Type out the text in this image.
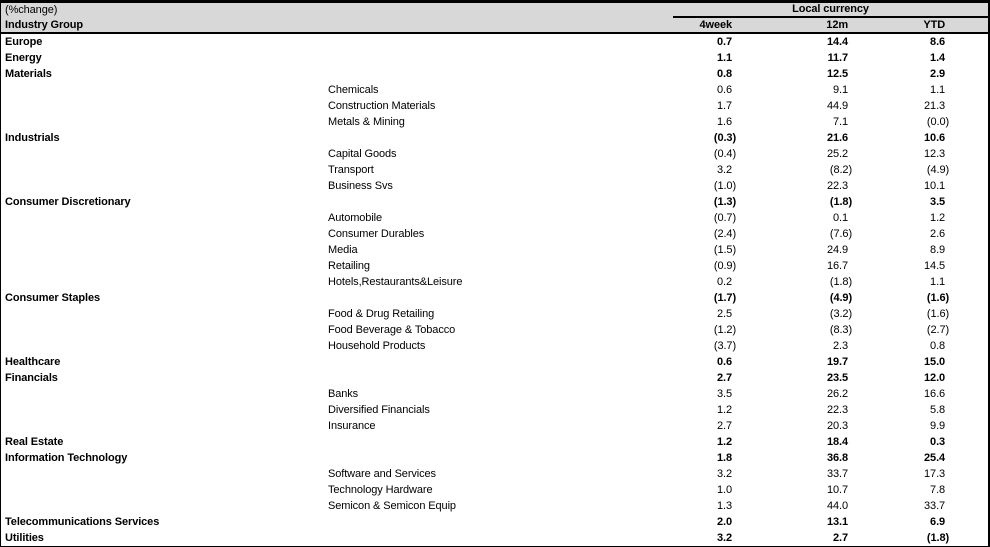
(%change)		Local currency		
Industry Group		4week	12m	YTD
Europe		0.7	14.4	8.6
Energy		1.1	11.7	1.4
Materials		0.8	12.5	2.9
	Chemicals	0.6	9.1	1.1
	Construction Materials	1.7	44.9	21.3
	Metals & Mining	1.6	7.1	(0.0)
Industrials		(0.3)	21.6	10.6
	Capital Goods	(0.4)	25.2	12.3
	Transport	3.2	(8.2)	(4.9)
	Business Svs	(1.0)	22.3	10.1
Consumer Discretionary		(1.3)	(1.8)	3.5
	Automobile	(0.7)	0.1	1.2
	Consumer Durables	(2.4)	(7.6)	2.6
	Media	(1.5)	24.9	8.9
	Retailing	(0.9)	16.7	14.5
	Hotels,Restaurants&Leisure	0.2	(1.8)	1.1
Consumer Staples		(1.7)	(4.9)	(1.6)
	Food & Drug Retailing	2.5	(3.2)	(1.6)
	Food Beverage & Tobacco	(1.2)	(8.3)	(2.7)
	Household Products	(3.7)	2.3	0.8
Healthcare		0.6	19.7	15.0
Financials		2.7	23.5	12.0
	Banks	3.5	26.2	16.6
	Diversified Financials	1.2	22.3	5.8
	Insurance	2.7	20.3	9.9
Real Estate		1.2	18.4	0.3
Information Technology		1.8	36.8	25.4
	Software and Services	3.2	33.7	17.3
	Technology Hardware	1.0	10.7	7.8
	Semicon & Semicon Equip	1.3	44.0	33.7
Telecommunications Services		2.0	13.1	6.9
Utilities		3.2	2.7	(1.8)
